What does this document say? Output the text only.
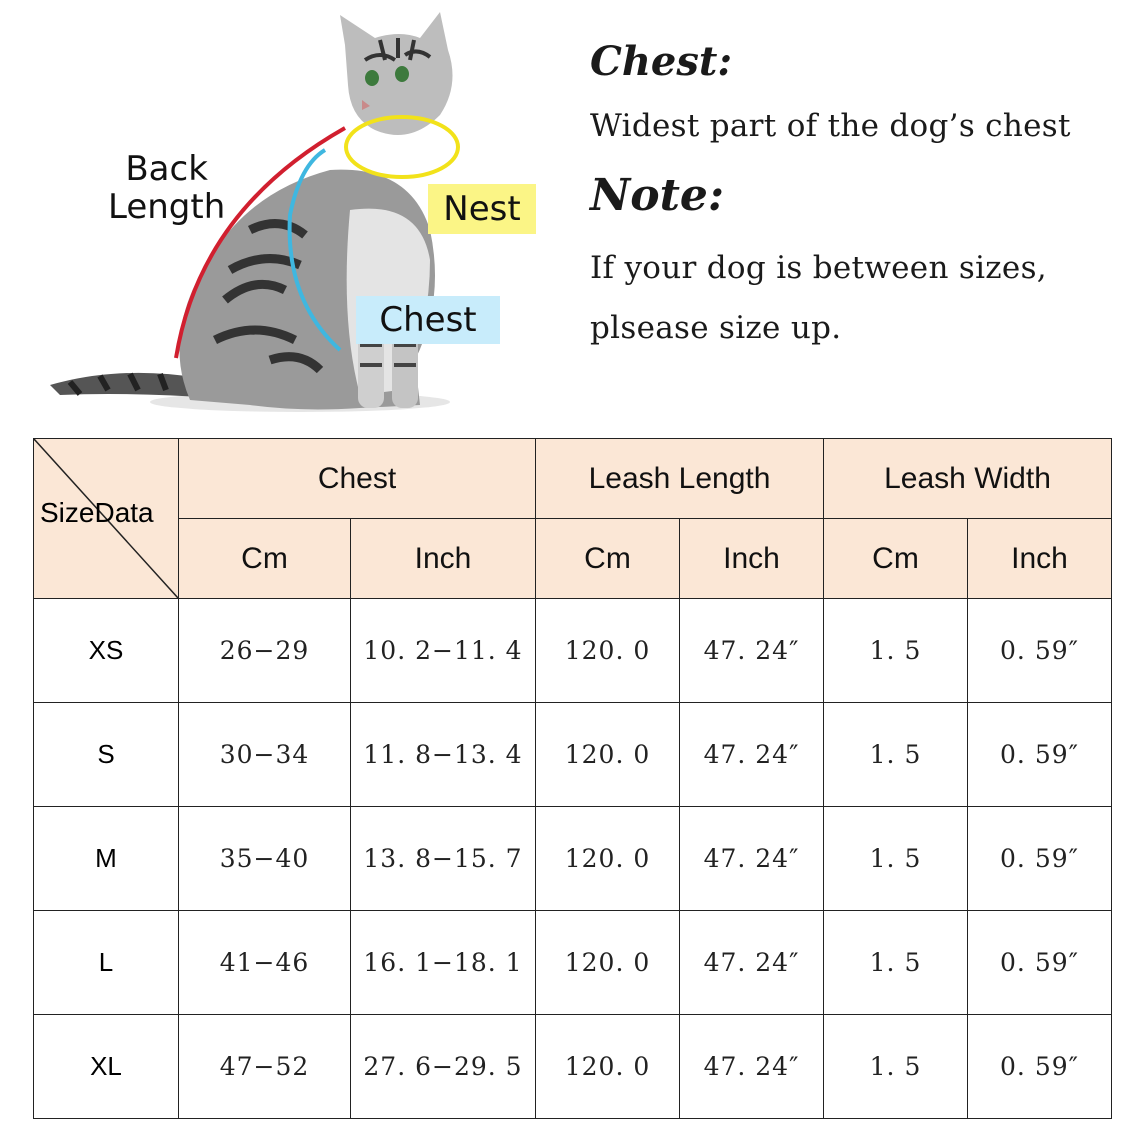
Back
Length	Nest
Chest

Chest:

Widest part of the dog’s chest

Note:

If your dog is between sizes,

plsease size up.

SizeData	Chest		Leash Length		Leash Width	
	Cm	Inch	Cm	Inch	Cm	Inch
XS	26−29	10. 2−11. 4	120. 0	47. 24″	1. 5	0. 59″
S	30−34	11. 8−13. 4	120. 0	47. 24″	1. 5	0. 59″
M	35−40	13. 8−15. 7	120. 0	47. 24″	1. 5	0. 59″
L	41−46	16. 1−18. 1	120. 0	47. 24″	1. 5	0. 59″
XL	47−52	27. 6−29. 5	120. 0	47. 24″	1. 5	0. 59″
